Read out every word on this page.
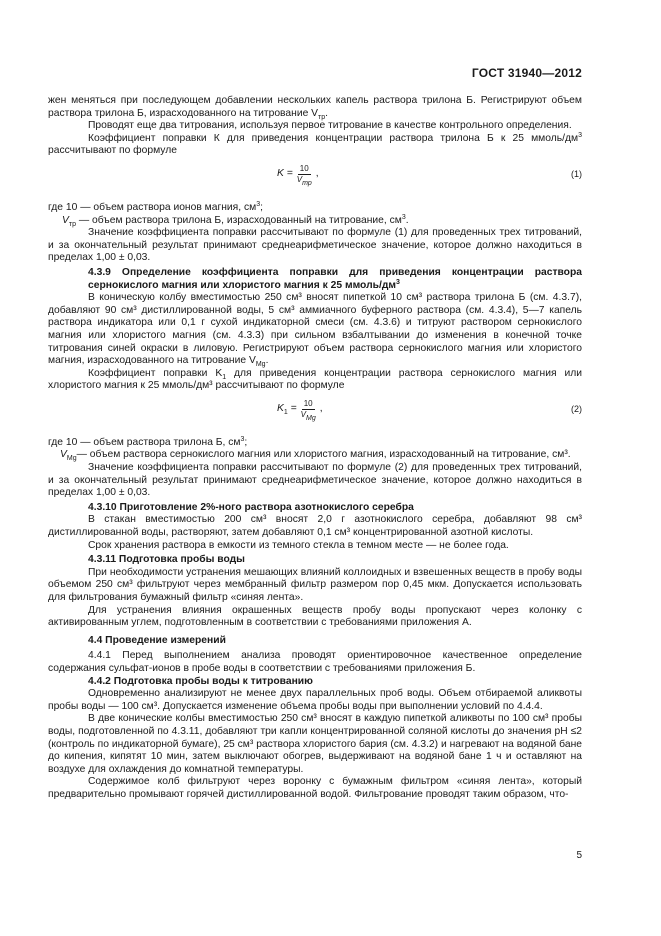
ГОСТ 31940—2012

жен меняться при последующем добавлении нескольких капель раствора трилона Б. Регистрируют объем раствора трилона Б, израсходованного на титрование $V_{тр}$.

Проводят еще два титрования, используя первое титрование в качестве контрольного определения.

Коэффициент поправки К для приведения концентрации раствора трилона Б к 25 ммоль/$дм^3$ рассчитывают по формуле

$K = \frac{10}{V_{тр}}$ ,	(1)

где 10 — объем раствора ионов магния, $см^3$;

$V_{тр}$ — объем раствора трилона Б, израсходованный на титрование, $см^3$.

Значение коэффициента поправки рассчитывают по формуле (1) для проведенных трех титрований, и за окончательный результат принимают среднеарифметическое значение, которое должно находиться в пределах 1,00 ± 0,03.

4.3.9 Определение коэффициента поправки для приведения концентрации раствора сернокислого магния или хлористого магния к 25 ммоль/$дм^3$

В коническую колбу вместимостью 250 см³ вносят пипеткой 10 см³ раствора трилона Б (см. 4.3.7), добавляют 90 см³ дистиллированной воды, 5 см³ аммиачного буферного раствора (см. 4.3.4), 5—7 капель раствора индикатора или 0,1 г сухой индикаторной смеси (см. 4.3.6) и титруют раствором сернокислого магния или хлористого магния (см. 4.3.3) при сильном взбалтывании до изменения в конечной точке титрования синей окраски в лиловую. Регистрируют объем раствора сернокислого магния или хлористого магния, израсходованного на титрование $V_{Mg}$.

Коэффициент поправки $K_1$ для приведения концентрации раствора сернокислого магния или хлористого магния к 25 ммоль/дм³ рассчитывают по формуле

$K_1 = \frac{10}{V_{Mg}}$ ,	(2)

где 10 — объем раствора трилона Б, $см^3$;

$V_{Mg}$ — объем раствора сернокислого магния или хлористого магния, израсходованный на титрование, см³.

Значение коэффициента поправки рассчитывают по формуле (2) для проведенных трех титрований, и за окончательный результат принимают среднеарифметическое значение, которое должно находиться в пределах 1,00 ± 0,03.

4.3.10 Приготовление 2%-ного раствора азотнокислого серебра

В стакан вместимостью 200 см³ вносят 2,0 г азотнокислого серебра, добавляют 98 см³ дистиллированной воды, растворяют, затем добавляют 0,1 см³ концентрированной азотной кислоты.

Срок хранения раствора в емкости из темного стекла в темном месте — не более года.

4.3.11 Подготовка пробы воды

При необходимости устранения мешающих влияний коллоидных и взвешенных веществ в пробу воды объемом 250 см³ фильтруют через мембранный фильтр размером пор 0,45 мкм. Допускается использовать для фильтрования бумажный фильтр «синяя лента».

Для устранения влияния окрашенных веществ пробу воды пропускают через колонку с активированным углем, подготовленным в соответствии с требованиями приложения А.

4.4 Проведение измерений

4.4.1 Перед выполнением анализа проводят ориентировочное качественное определение содержания сульфат-ионов в пробе воды в соответствии с требованиями приложения Б.

4.4.2 Подготовка пробы воды к титрованию

Одновременно анализируют не менее двух параллельных проб воды. Объем отбираемой аликвоты пробы воды — 100 см³. Допускается изменение объема пробы воды при выполнении условий по 4.4.4.

В две конические колбы вместимостью 250 см³ вносят в каждую пипеткой аликвоты по 100 см³ пробы воды, подготовленной по 4.3.11, добавляют три капли концентрированной соляной кислоты до значения рН ≤2 (контроль по индикаторной бумаге), 25 см³ раствора хлористого бария (см. 4.3.2) и нагревают на водяной бане до кипения, кипятят 10 мин, затем выключают обогрев, выдерживают на водяной бане 1 ч и оставляют на воздухе для охлаждения до комнатной температуры.

Содержимое колб фильтруют через воронку с бумажным фильтром «синяя лента», который предварительно промывают горячей дистиллированной водой. Фильтрование проводят таким образом, что-

5
